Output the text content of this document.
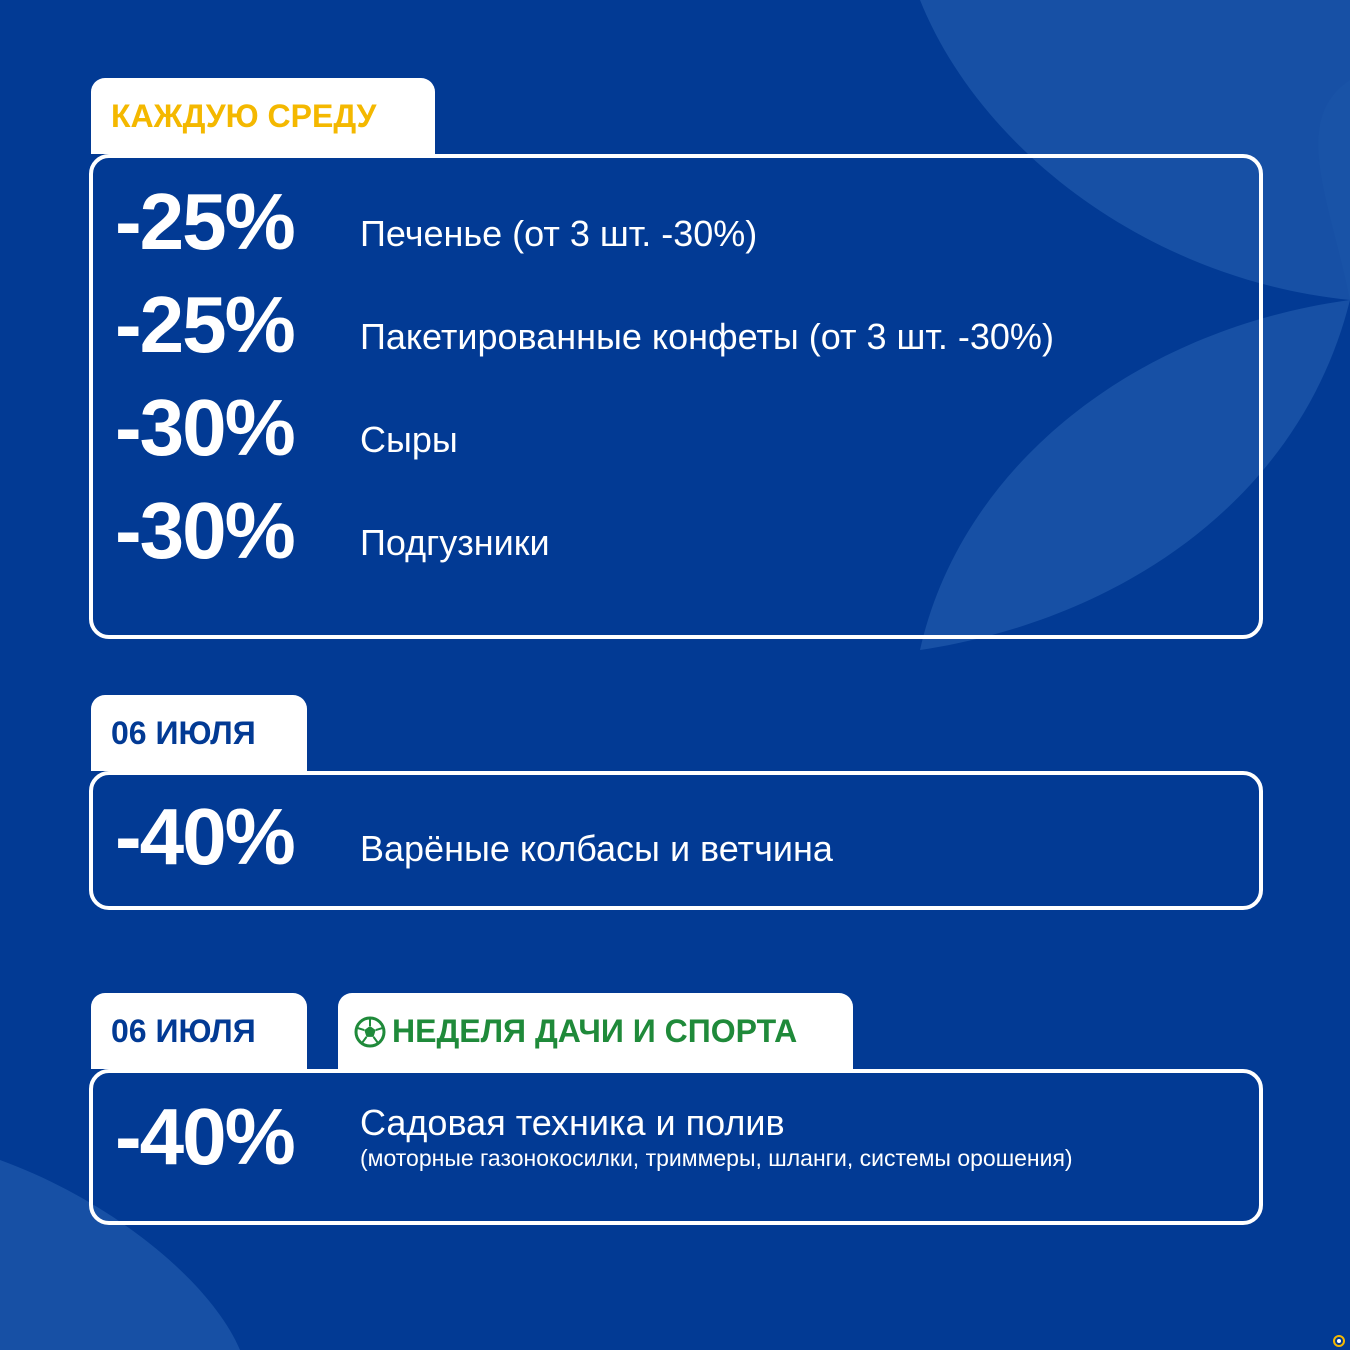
КАЖДУЮ СРЕДУ
-25%	Печенье (от 3 шт. -30%)
-25%	Пакетированные конфеты (от 3 шт. -30%)
-30%	Сыры
-30%	Подгузники
06 ИЮЛЯ
-40%	Варёные колбасы и ветчина
06 ИЮЛЯ	НЕДЕЛЯ ДАЧИ И СПОРТА
-40%	Садовая техника и полив
(моторные газонокосилки, триммеры, шланги, системы орошения)
